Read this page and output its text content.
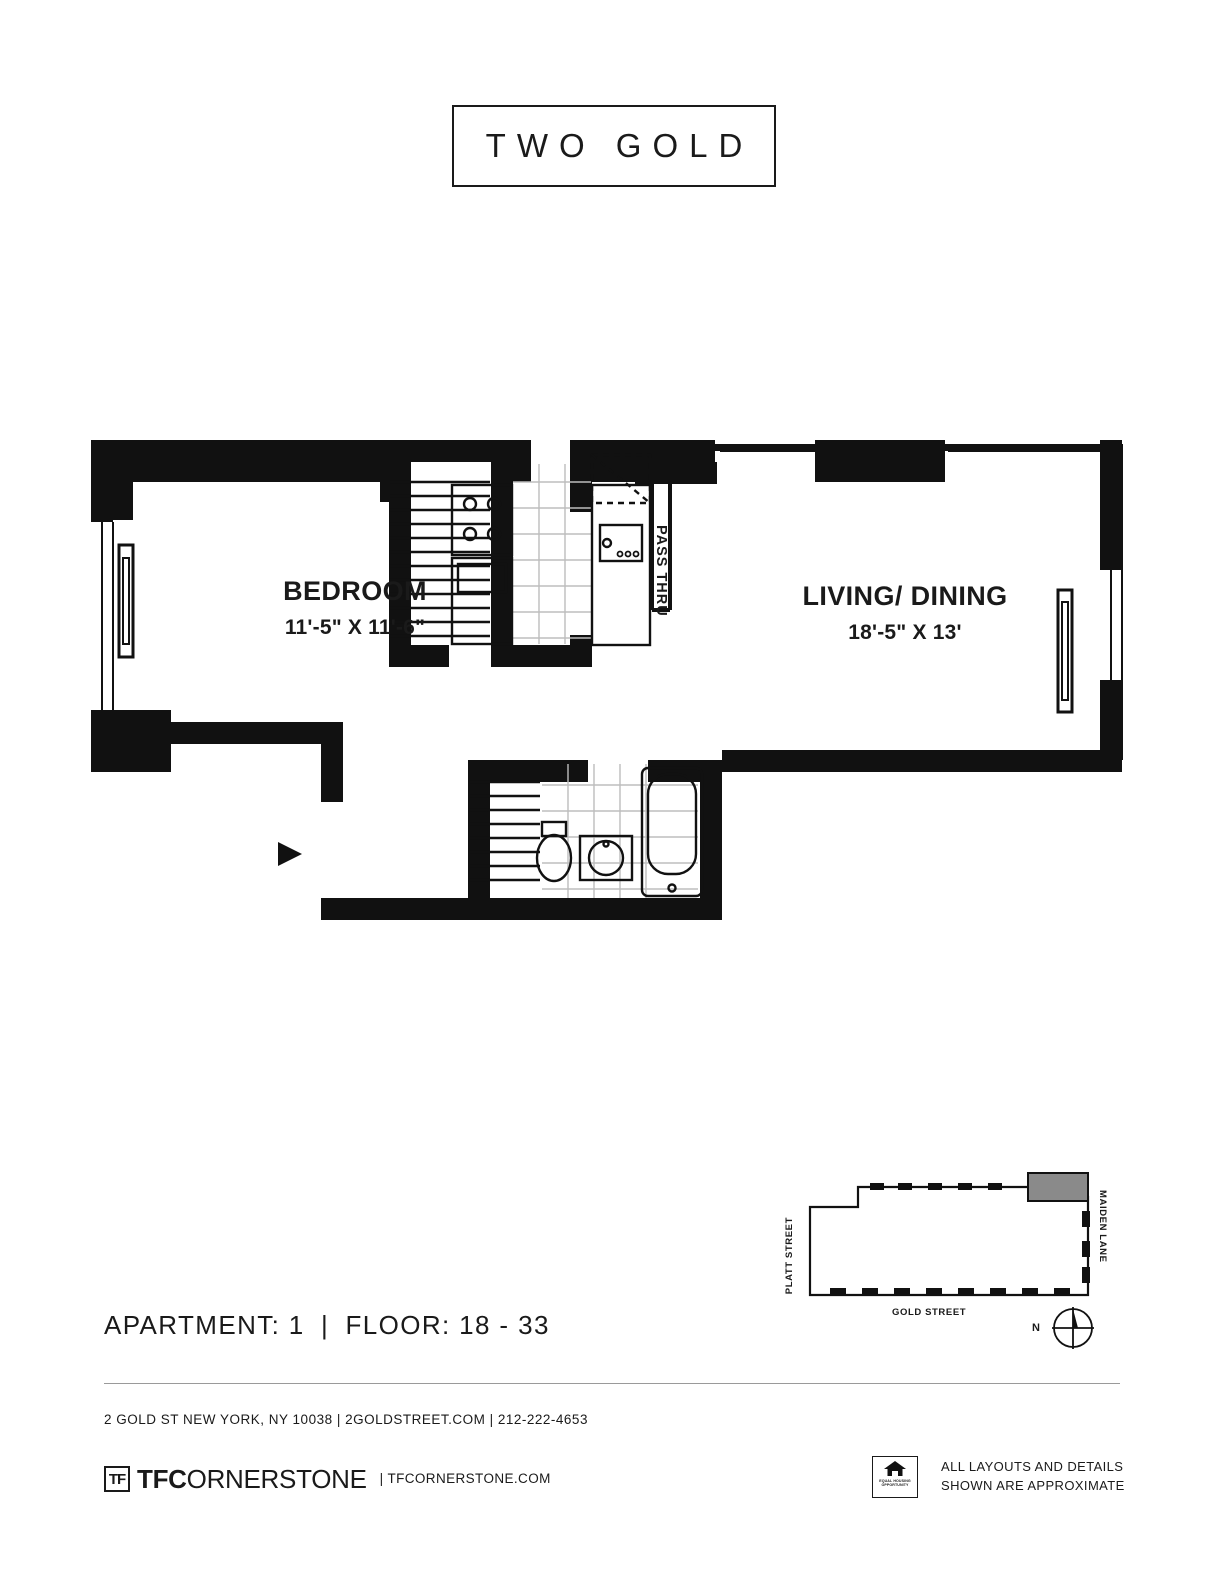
TWO GOLD
BEDROOM
11'-5" X 11'-6"
LIVING/ DINING
18'-5" X 13'
PASS THRU
PLATT STREET	MAIDEN LANE
GOLD STREET
N
APARTMENT: 1 | FLOOR: 18 - 33
2 GOLD ST NEW YORK, NY 10038 | 2GOLDSTREET.COM | 212-222-4653
TF TFCORNERSTONE | TFCORNERSTONE.COM	EQUAL HOUSING OPPORTUNITY
ALL LAYOUTS AND DETAILS
SHOWN ARE APPROXIMATE
